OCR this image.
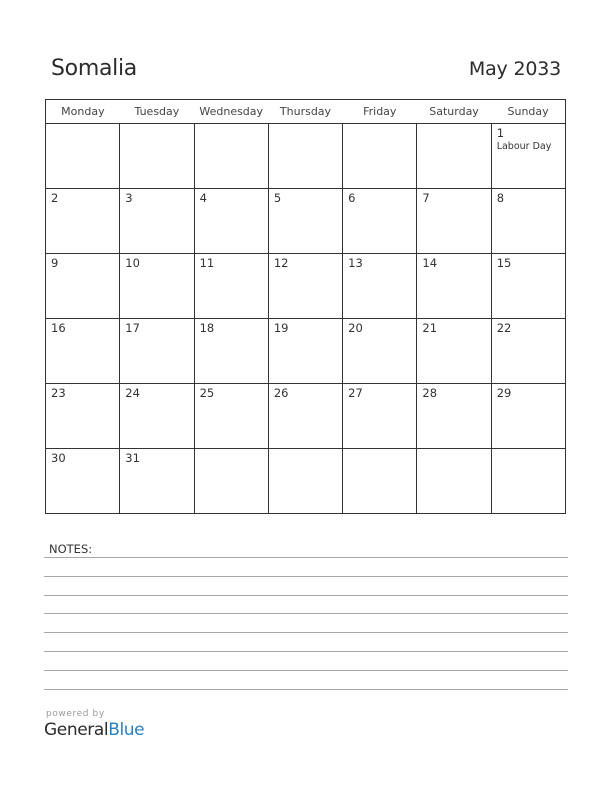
Somalia	May 2033
Monday	Tuesday	Wednesday	Thursday	Friday	Saturday	Sunday

						1
Labour Day

2	3	4	5	6	7	8

9	10	11	12	13	14	15

16	17	18	19	20	21	22

23	24	25	26	27	28	29

30	31					

NOTES:
powered by
GeneralBlue
